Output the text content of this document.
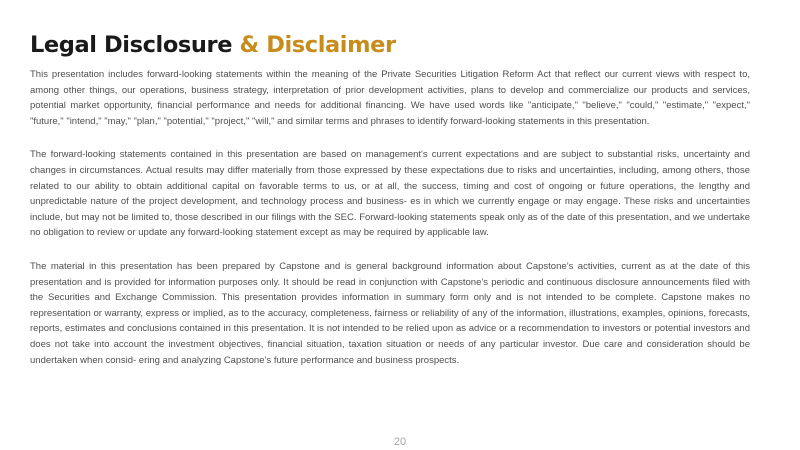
Legal Disclosure & Disclaimer

This presentation includes forward-looking statements within the meaning of the Private Securities Litigation Reform Act that reflect our current views with respect to, among other things, our operations, business strategy, interpretation of prior development activities, plans to develop and commercialize our products and services, potential market opportunity, financial performance and needs for additional financing. We have used words like "anticipate," "believe," "could," "estimate," "expect," "future," "intend," "may," "plan," "potential," "project," "will," and similar terms and phrases to identify forward-looking statements in this presentation.

The forward-looking statements contained in this presentation are based on management's current expectations and are subject to substantial risks, uncertainty and changes in circumstances. Actual results may differ materially from those expressed by these expectations due to risks and uncertainties, including, among others, those related to our ability to obtain additional capital on favorable terms to us, or at all, the success, timing and cost of ongoing or future operations, the lengthy and unpredictable nature of the project development, and technology process and business- es in which we currently engage or may engage. These risks and uncertainties include, but may not be limited to, those described in our filings with the SEC. Forward-looking statements speak only as of the date of this presentation, and we undertake no obligation to review or update any forward-looking statement except as may be required by applicable law.

The material in this presentation has been prepared by Capstone and is general background information about Capstone’s activities, current as at the date of this presentation and is provided for information purposes only. It should be read in conjunction with Capstone’s periodic and continuous disclosure announcements filed with the Securities and Exchange Commission. This presentation provides information in summary form only and is not intended to be complete. Capstone makes no representation or warranty, express or implied, as to the accuracy, completeness, fairness or reliability of any of the information, illustrations, examples, opinions, forecasts, reports, estimates and conclusions contained in this presentation. It is not intended to be relied upon as advice or a recommendation to investors or potential investors and does not take into account the investment objectives, financial situation, taxation situation or needs of any particular investor. Due care and consideration should be undertaken when consid- ering and analyzing Capstone’s future performance and business prospects.

20
